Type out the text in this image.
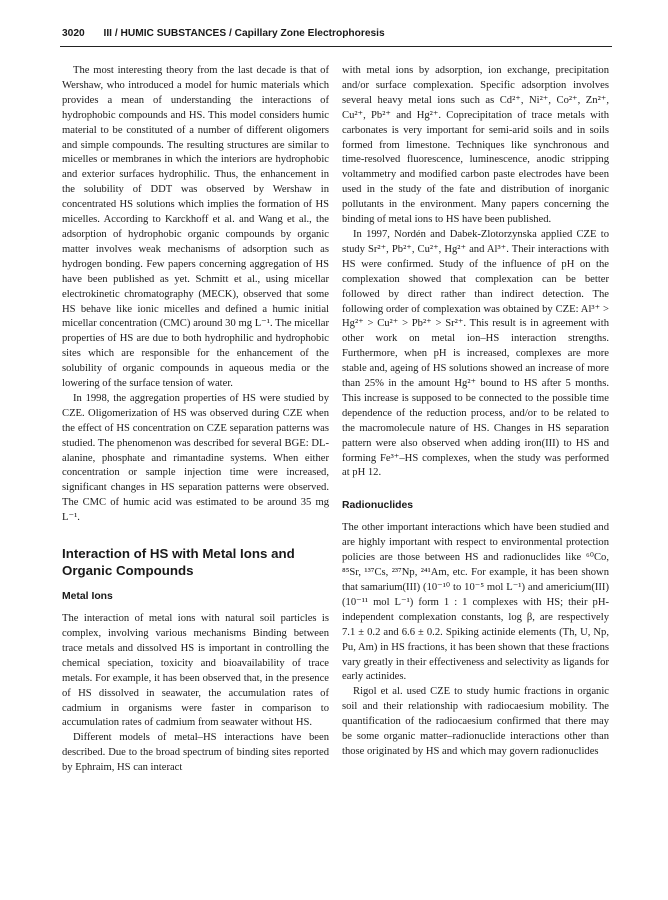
3020 III / HUMIC SUBSTANCES / Capillary Zone Electrophoresis

The most interesting theory from the last decade is that of Wershaw, who introduced a model for humic materials which provides a mean of understanding the interactions of hydrophobic compounds and HS. This model considers humic material to be constituted of a number of different oligomers and simple compounds. The resulting structures are similar to micelles or membranes in which the interiors are hydrophobic and exterior surfaces hydrophilic. Thus, the enhancement in the solubility of DDT was observed by Wershaw in concentrated HS solutions which implies the formation of HS micelles. According to Karckhoff et al. and Wang et al., the adsorption of hydrophobic organic compounds by organic matter involves weak mechanisms of adsorption such as hydrogen bonding. Few papers concerning aggregation of HS have been published as yet. Schmitt et al., using micellar electrokinetic chromatography (MECK), observed that some HS behave like ionic micelles and defined a humic initial micellar concentration (CMC) around 30 mg L⁻¹. The micellar properties of HS are due to both hydrophilic and hydrophobic sites which are responsible for the enhancement of the solubility of organic compounds in aqueous media or the lowering of the surface tension of water.

In 1998, the aggregation properties of HS were studied by CZE. Oligomerization of HS was observed during CZE when the effect of HS concentration on CZE separation patterns was studied. The phenomenon was described for several BGE: DL-alanine, phosphate and rimantadine systems. When either concentration or sample injection time were increased, significant changes in HS separation patterns were observed. The CMC of humic acid was estimated to be around 35 mg L⁻¹.

Interaction of HS with Metal Ions and Organic Compounds
Metal Ions

The interaction of metal ions with natural soil particles is complex, involving various mechanisms Binding between trace metals and dissolved HS is important in controlling the chemical speciation, toxicity and bioavailability of trace metals. For example, it has been observed that, in the presence of HS dissolved in seawater, the accumulation rates of cadmium in organisms were faster in comparison to accumulation rates of cadmium from seawater without HS.

Different models of metal–HS interactions have been described. Due to the broad spectrum of binding sites reported by Ephraim, HS can interact

with metal ions by adsorption, ion exchange, precipitation and/or surface complexation. Specific adsorption involves several heavy metal ions such as Cd²⁺, Ni²⁺, Co²⁺, Zn²⁺, Cu²⁺, Pb²⁺ and Hg²⁺. Coprecipitation of trace metals with carbonates is very important for semi-arid soils and in soils formed from limestone. Techniques like synchronous and time-resolved fluorescence, luminescence, anodic stripping voltammetry and modified carbon paste electrodes have been used in the study of the fate and distribution of inorganic pollutants in the environment. Many papers concerning the binding of metal ions to HS have been published.

In 1997, Nordén and Dabek-Zlotorzynska applied CZE to study Sr²⁺, Pb²⁺, Cu²⁺, Hg²⁺ and Al³⁺. Their interactions with HS were confirmed. Study of the influence of pH on the complexation showed that complexation can be better followed by direct rather than indirect detection. The following order of complexation was obtained by CZE: Al³⁺ > Hg²⁺ > Cu²⁺ > Pb²⁺ > Sr²⁺. This result is in agreement with other work on metal ion–HS interaction strengths. Furthermore, when pH is increased, complexes are more stable and, ageing of HS solutions showed an increase of more than 25% in the amount Hg²⁺ bound to HS after 5 months. This increase is supposed to be connected to the possible time dependence of the reduction process, and/or to be related to the macromolecule nature of HS. Changes in HS separation pattern were also observed when adding iron(III) to HS and forming Fe³⁺–HS complexes, when the study was performed at pH 12.

Radionuclides

The other important interactions which have been studied and are highly important with respect to environmental protection policies are those between HS and radionuclides like ⁶⁰Co, ⁸⁵Sr, ¹³⁷Cs, ²³⁷Np, ²⁴¹Am, etc. For example, it has been shown that samarium(III) (10⁻¹⁰ to 10⁻⁵ mol L⁻¹) and americium(III) (10⁻¹¹ mol L⁻¹) form 1 : 1 complexes with HS; their pH-independent complexation constants, log β, are respectively 7.1 ± 0.2 and 6.6 ± 0.2. Spiking actinide elements (Th, U, Np, Pu, Am) in HS fractions, it has been shown that these fractions vary greatly in their effectiveness and selectivity as ligands for early actinides.

Rigol et al. used CZE to study humic fractions in organic soil and their relationship with radiocaesium mobility. The quantification of the radiocaesium confirmed that there may be some organic matter–radionuclide interactions other than those originated by HS and which may govern radionuclides
